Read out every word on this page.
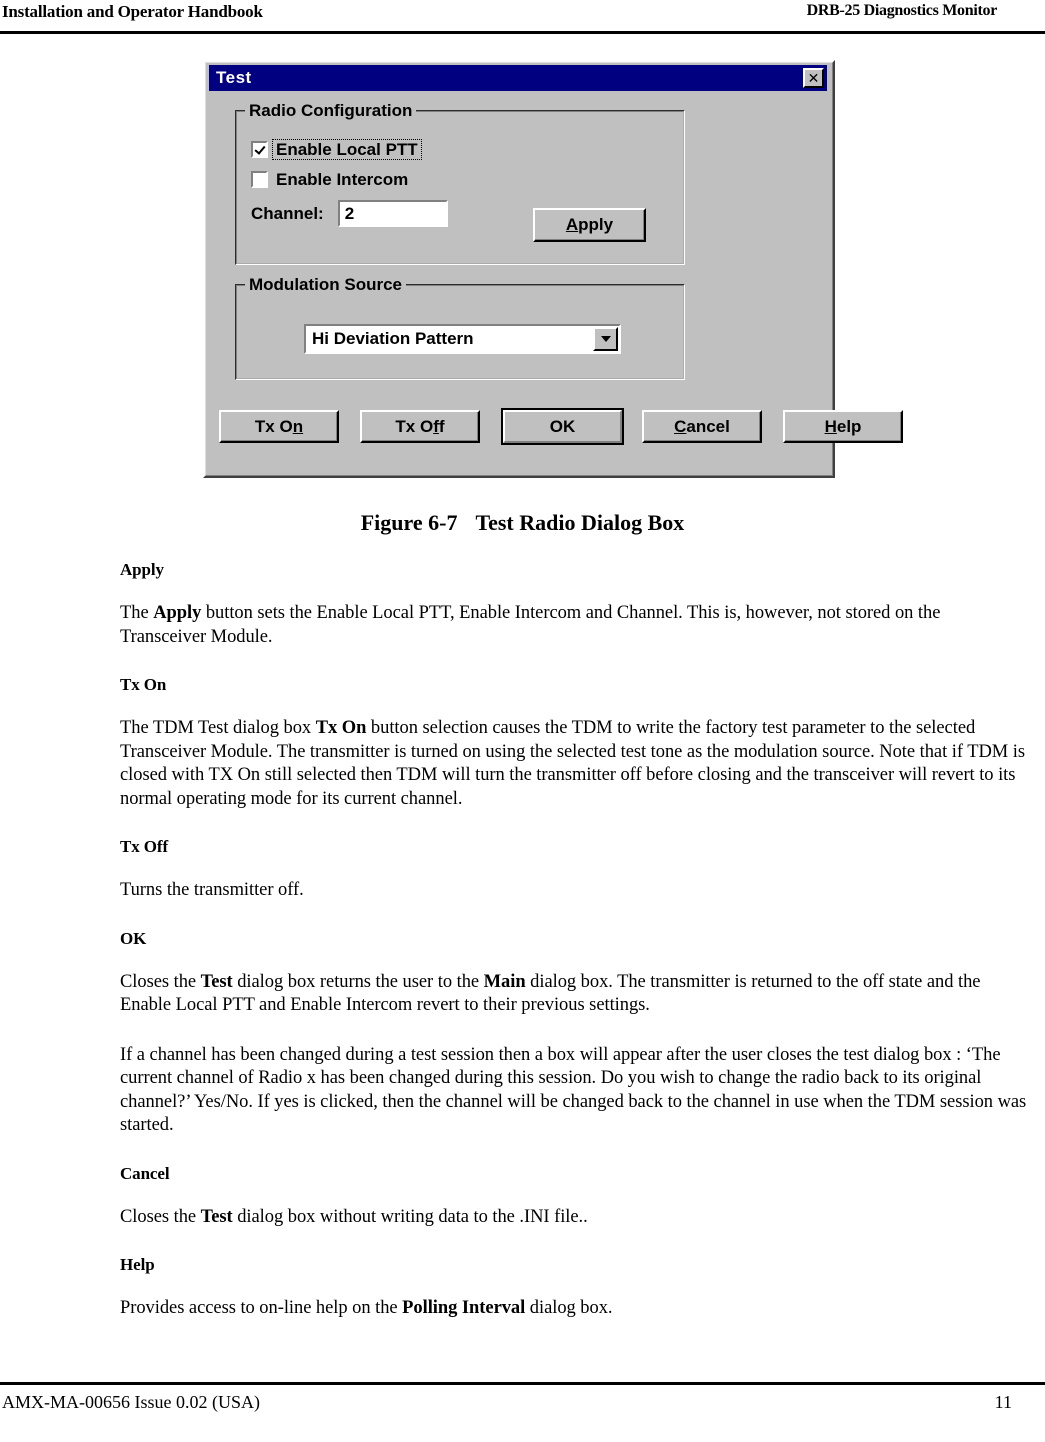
Installation and Operator Handbook	DRB-25 Diagnostics Monitor
Test	✕
Radio Configuration
Enable Local PTT
Enable Intercom
Channel:	2
Apply
Modulation Source
Hi Deviation Pattern
Tx On	Tx Off	OK	Cancel	Help
Figure 6-7 Test Radio Dialog Box
Apply

The Apply button sets the Enable Local PTT, Enable Intercom and Channel. This is, however, not stored on the Transceiver Module.

Tx On

The TDM Test dialog box Tx On button selection causes the TDM to write the factory test parameter to the selected Transceiver Module. The transmitter is turned on using the selected test tone as the modulation source. Note that if TDM is closed with TX On still selected then TDM will turn the transmitter off before closing and the transceiver will revert to its normal operating mode for its current channel.

Tx Off

Turns the transmitter off.

OK

Closes the Test dialog box returns the user to the Main dialog box. The transmitter is returned to the off state and the Enable Local PTT and Enable Intercom revert to their previous settings.

If a channel has been changed during a test session then a box will appear after the user closes the test dialog box : ‘The current channel of Radio x has been changed during this session. Do you wish to change the radio back to its original channel?’ Yes/No. If yes is clicked, then the channel will be changed back to the channel in use when the TDM session was started.

Cancel

Closes the Test dialog box without writing data to the .INI file..

Help

Provides access to on-line help on the Polling Interval dialog box.

AMX-MA-00656 Issue 0.02 (USA)	11
